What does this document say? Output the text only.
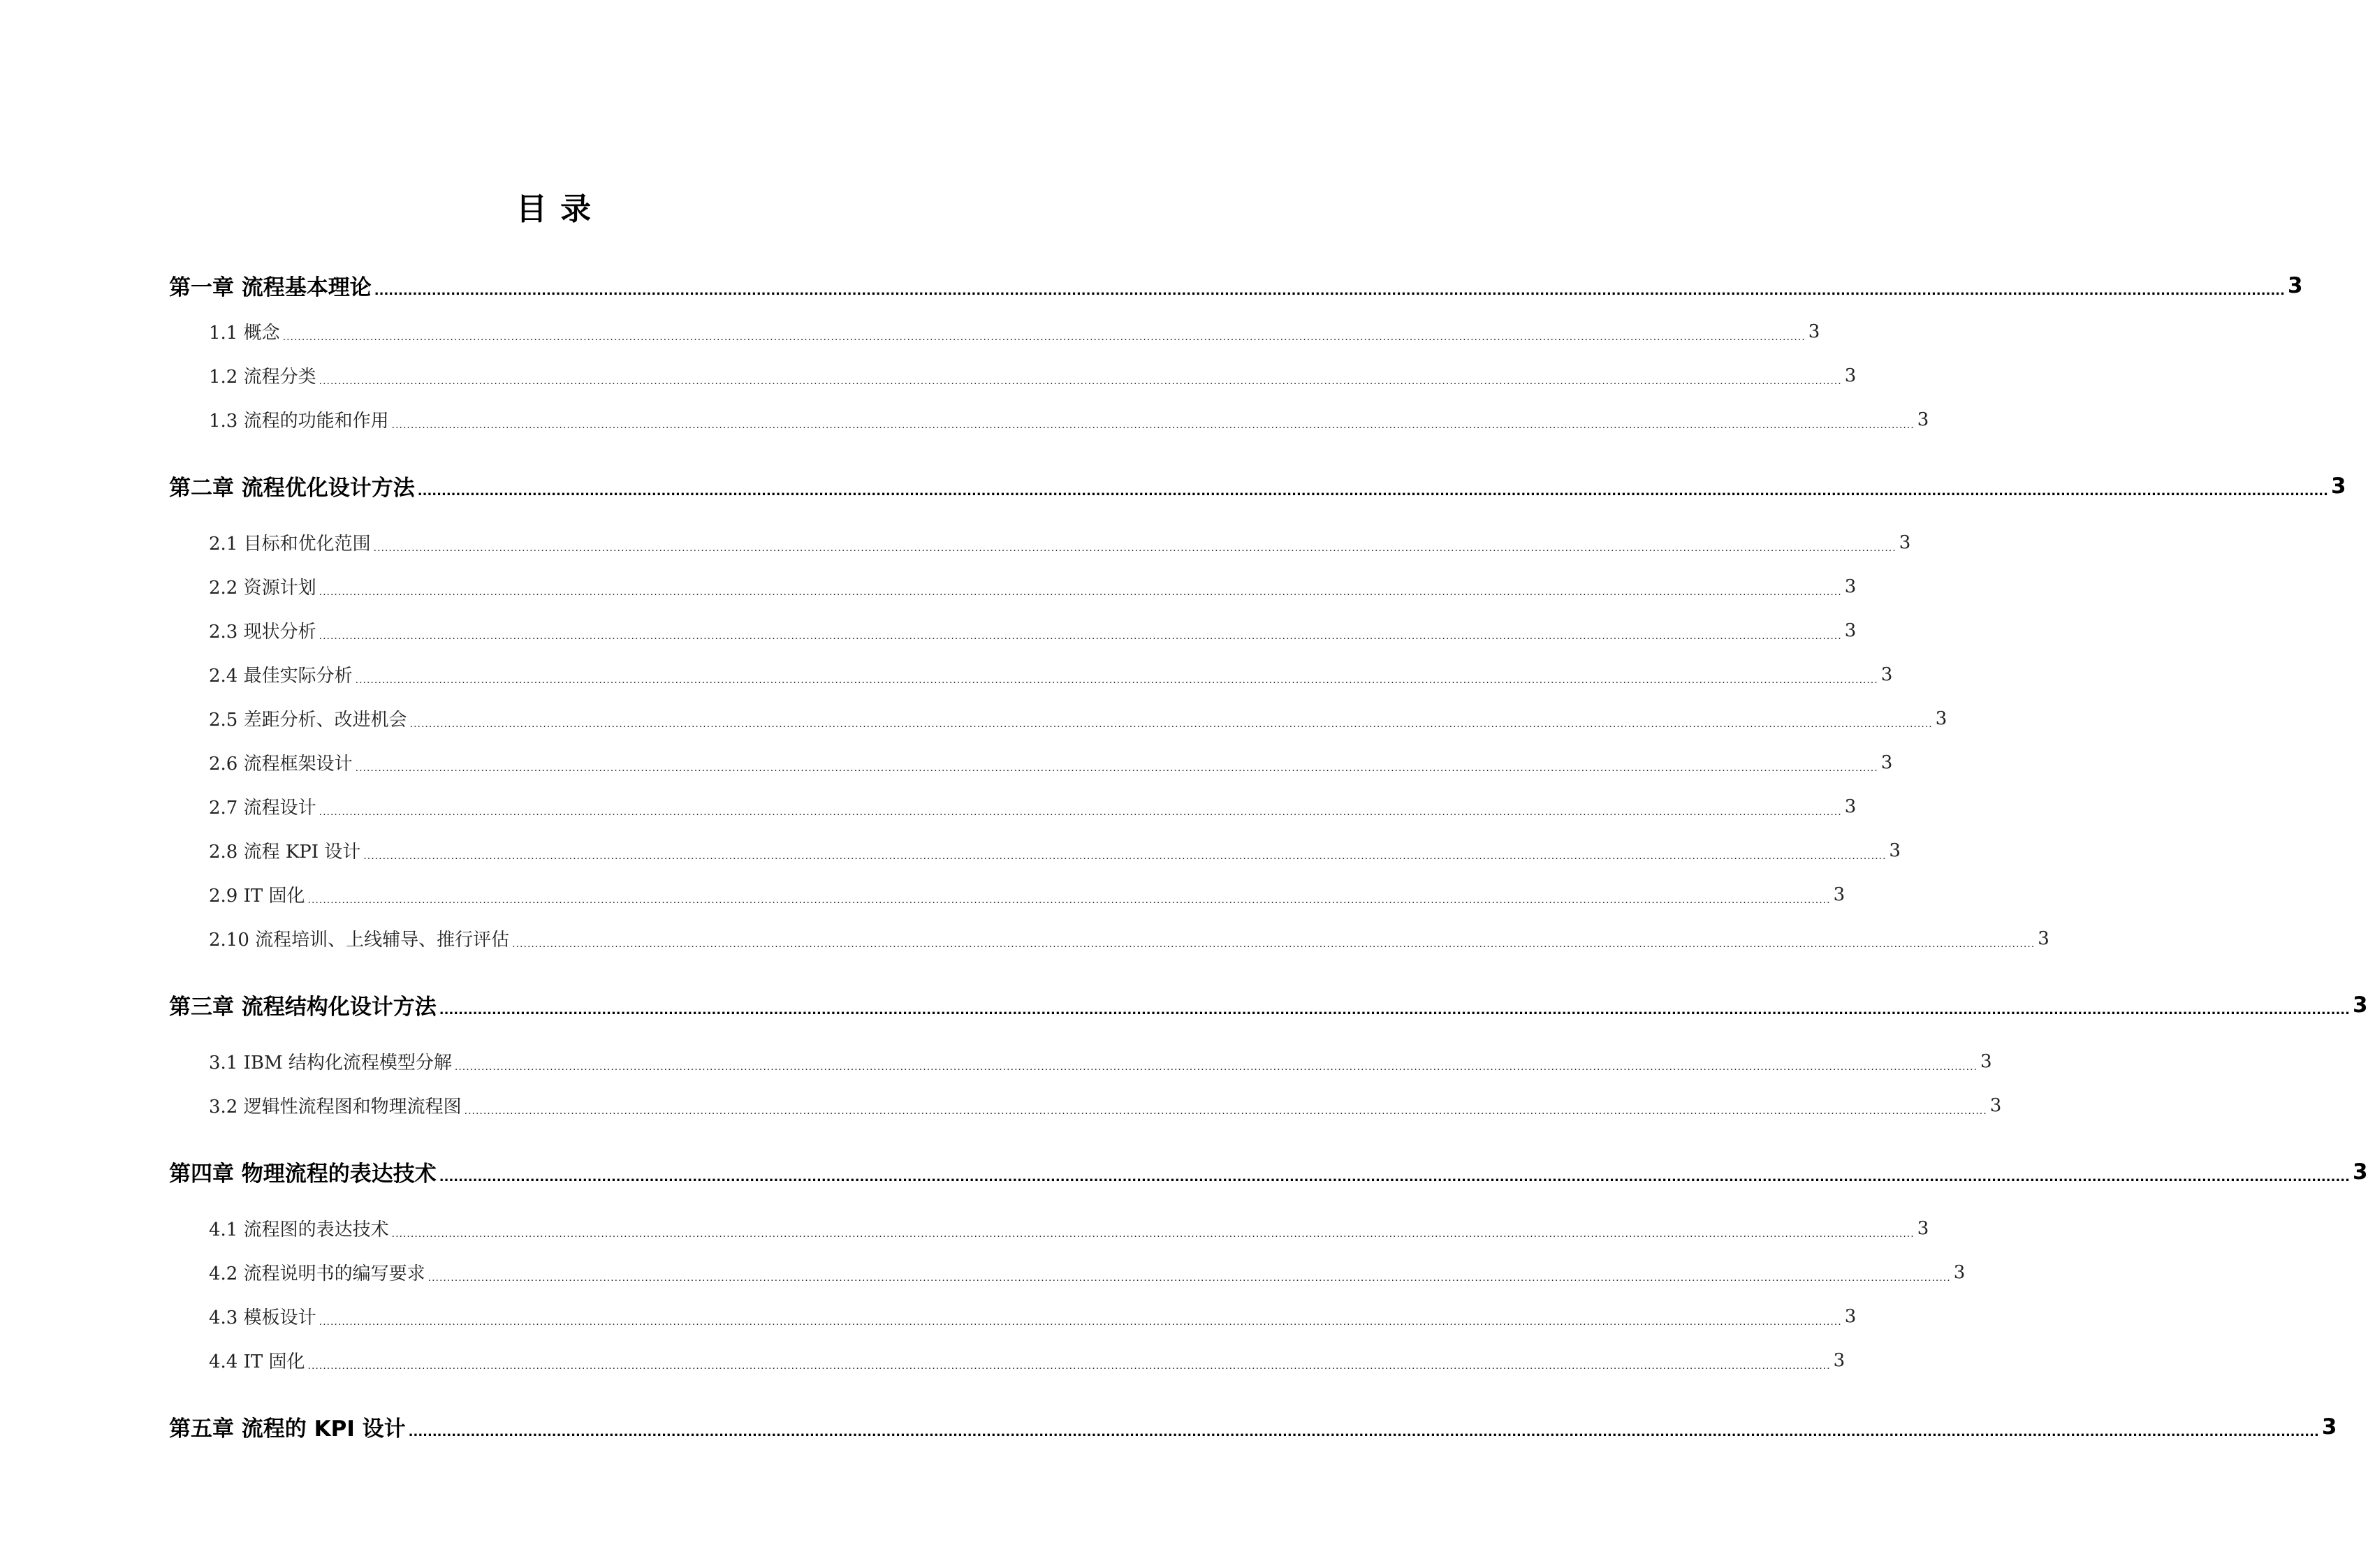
目 录
第一章 流程基本理论 ................................................................................................................................................................................................................................................................................................................................................................................................................ 3
1.1 概念 ................................................................................................................................................................................................................................................................................................................................................................................................................ 3
1.2 流程分类 ................................................................................................................................................................................................................................................................................................................................................................................................................ 3
1.3 流程的功能和作用 ................................................................................................................................................................................................................................................................................................................................................................................................................ 3
第二章 流程优化设计方法 ................................................................................................................................................................................................................................................................................................................................................................................................................ 3
2.1 目标和优化范围 ................................................................................................................................................................................................................................................................................................................................................................................................................ 3
2.2 资源计划 ................................................................................................................................................................................................................................................................................................................................................................................................................ 3
2.3 现状分析 ................................................................................................................................................................................................................................................................................................................................................................................................................ 3
2.4 最佳实际分析 ................................................................................................................................................................................................................................................................................................................................................................................................................ 3
2.5 差距分析、改进机会 ................................................................................................................................................................................................................................................................................................................................................................................................................ 3
2.6 流程框架设计 ................................................................................................................................................................................................................................................................................................................................................................................................................ 3
2.7 流程设计 ................................................................................................................................................................................................................................................................................................................................................................................................................ 3
2.8 流程 KPI 设计 ................................................................................................................................................................................................................................................................................................................................................................................................................ 3
2.9 IT 固化 ................................................................................................................................................................................................................................................................................................................................................................................................................ 3
2.10 流程培训、上线辅导、推行评估 ................................................................................................................................................................................................................................................................................................................................................................................................................ 3
第三章 流程结构化设计方法 ................................................................................................................................................................................................................................................................................................................................................................................................................ 3
3.1 IBM 结构化流程模型分解 ................................................................................................................................................................................................................................................................................................................................................................................................................ 3
3.2 逻辑性流程图和物理流程图 ................................................................................................................................................................................................................................................................................................................................................................................................................ 3
第四章 物理流程的表达技术 ................................................................................................................................................................................................................................................................................................................................................................................................................ 3
4.1 流程图的表达技术 ................................................................................................................................................................................................................................................................................................................................................................................................................ 3
4.2 流程说明书的编写要求 ................................................................................................................................................................................................................................................................................................................................................................................................................ 3
4.3 模板设计 ................................................................................................................................................................................................................................................................................................................................................................................................................ 3
4.4 IT 固化 ................................................................................................................................................................................................................................................................................................................................................................................................................ 3
第五章 流程的 KPI 设计 ................................................................................................................................................................................................................................................................................................................................................................................................................ 3
